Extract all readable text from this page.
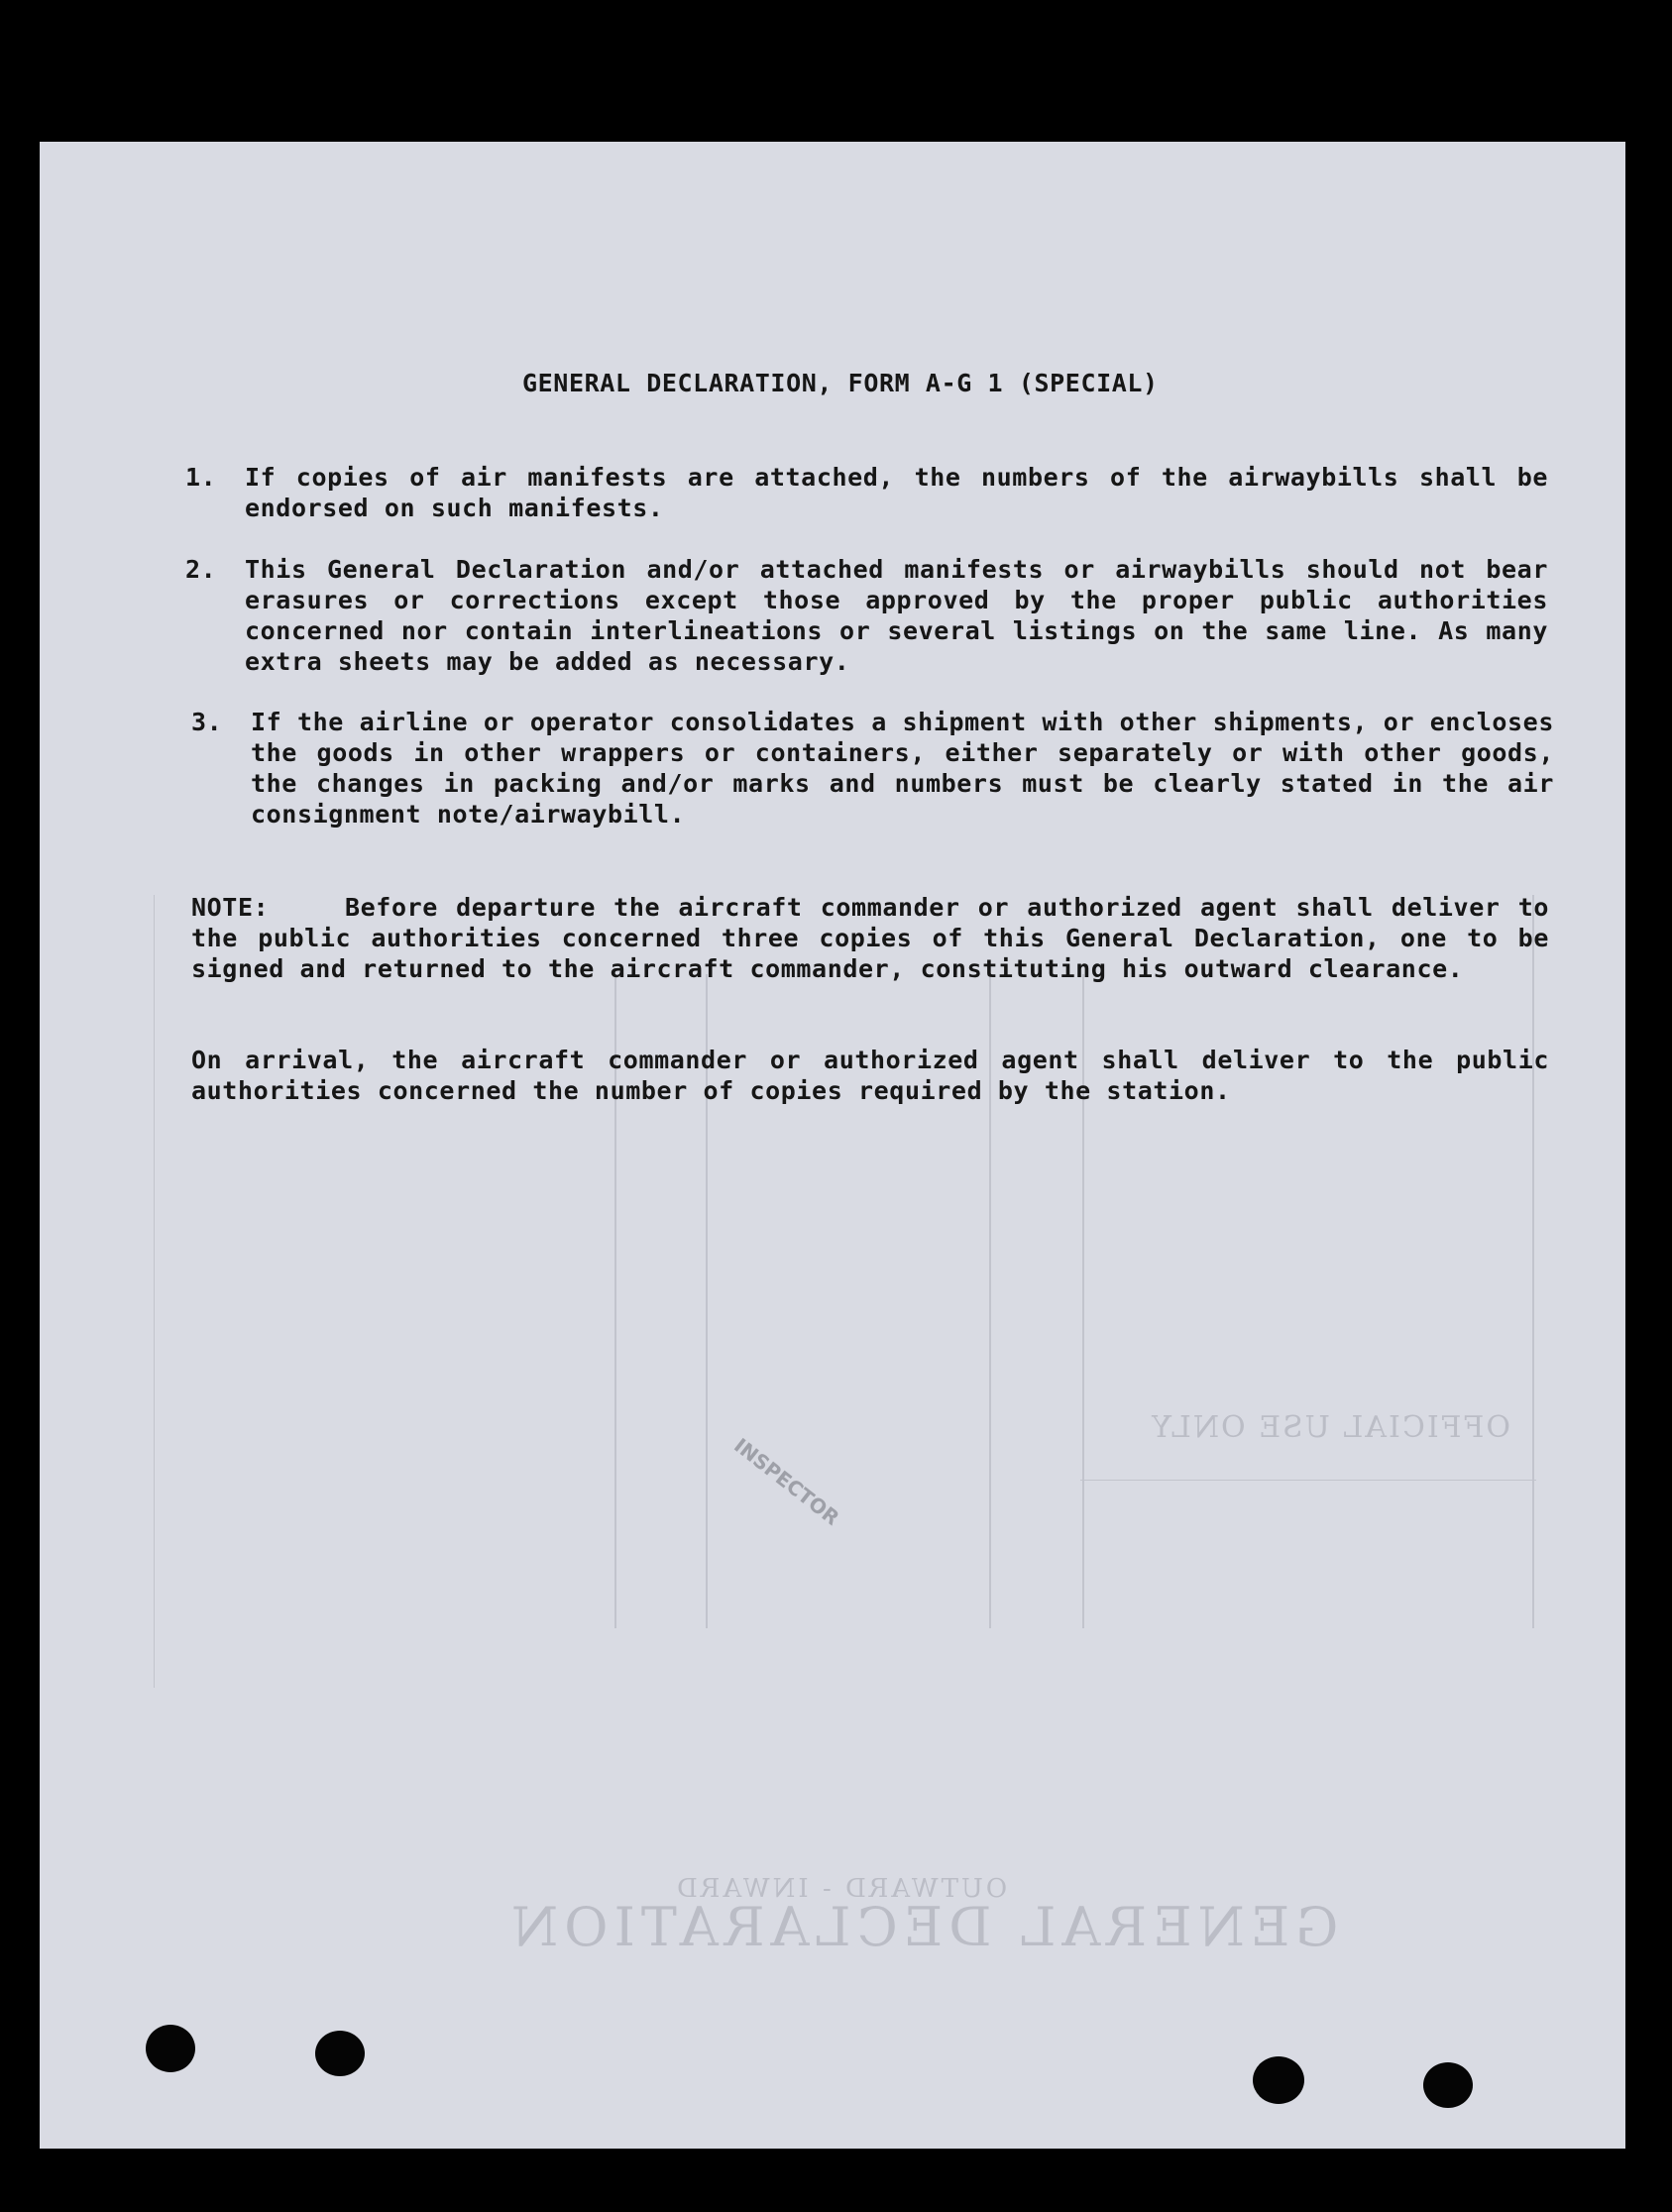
GENERAL DECLARATION
OUTWARD - INWARD
OFFICIAL USE ONLY
INSPECTOR
GENERAL DECLARATION, FORM A-G 1 (SPECIAL)
1.	If copies of air manifests are attached, the numbers of the airwaybills shall be endorsed on such manifests.
2.	This General Declaration and/or attached manifests or airwaybills should not bear erasures or corrections except those approved by the proper public authorities concerned nor contain interlineations or several listings on the same line. As many extra sheets may be added as necessary.
3.	If the airline or operator consolidates a shipment with other shipments, or encloses the goods in other wrappers or containers, either separately or with other goods, the changes in packing and/or marks and numbers must be clearly stated in the air consignment note/airwaybill.
NOTE:	Before departure the aircraft commander or authorized agent shall deliver to the public authorities concerned three copies of this General Declaration, one to be signed and returned to the aircraft commander, constituting his outward clearance.
On arrival, the aircraft commander or authorized agent shall deliver to the public authorities concerned the number of copies required by the station.
